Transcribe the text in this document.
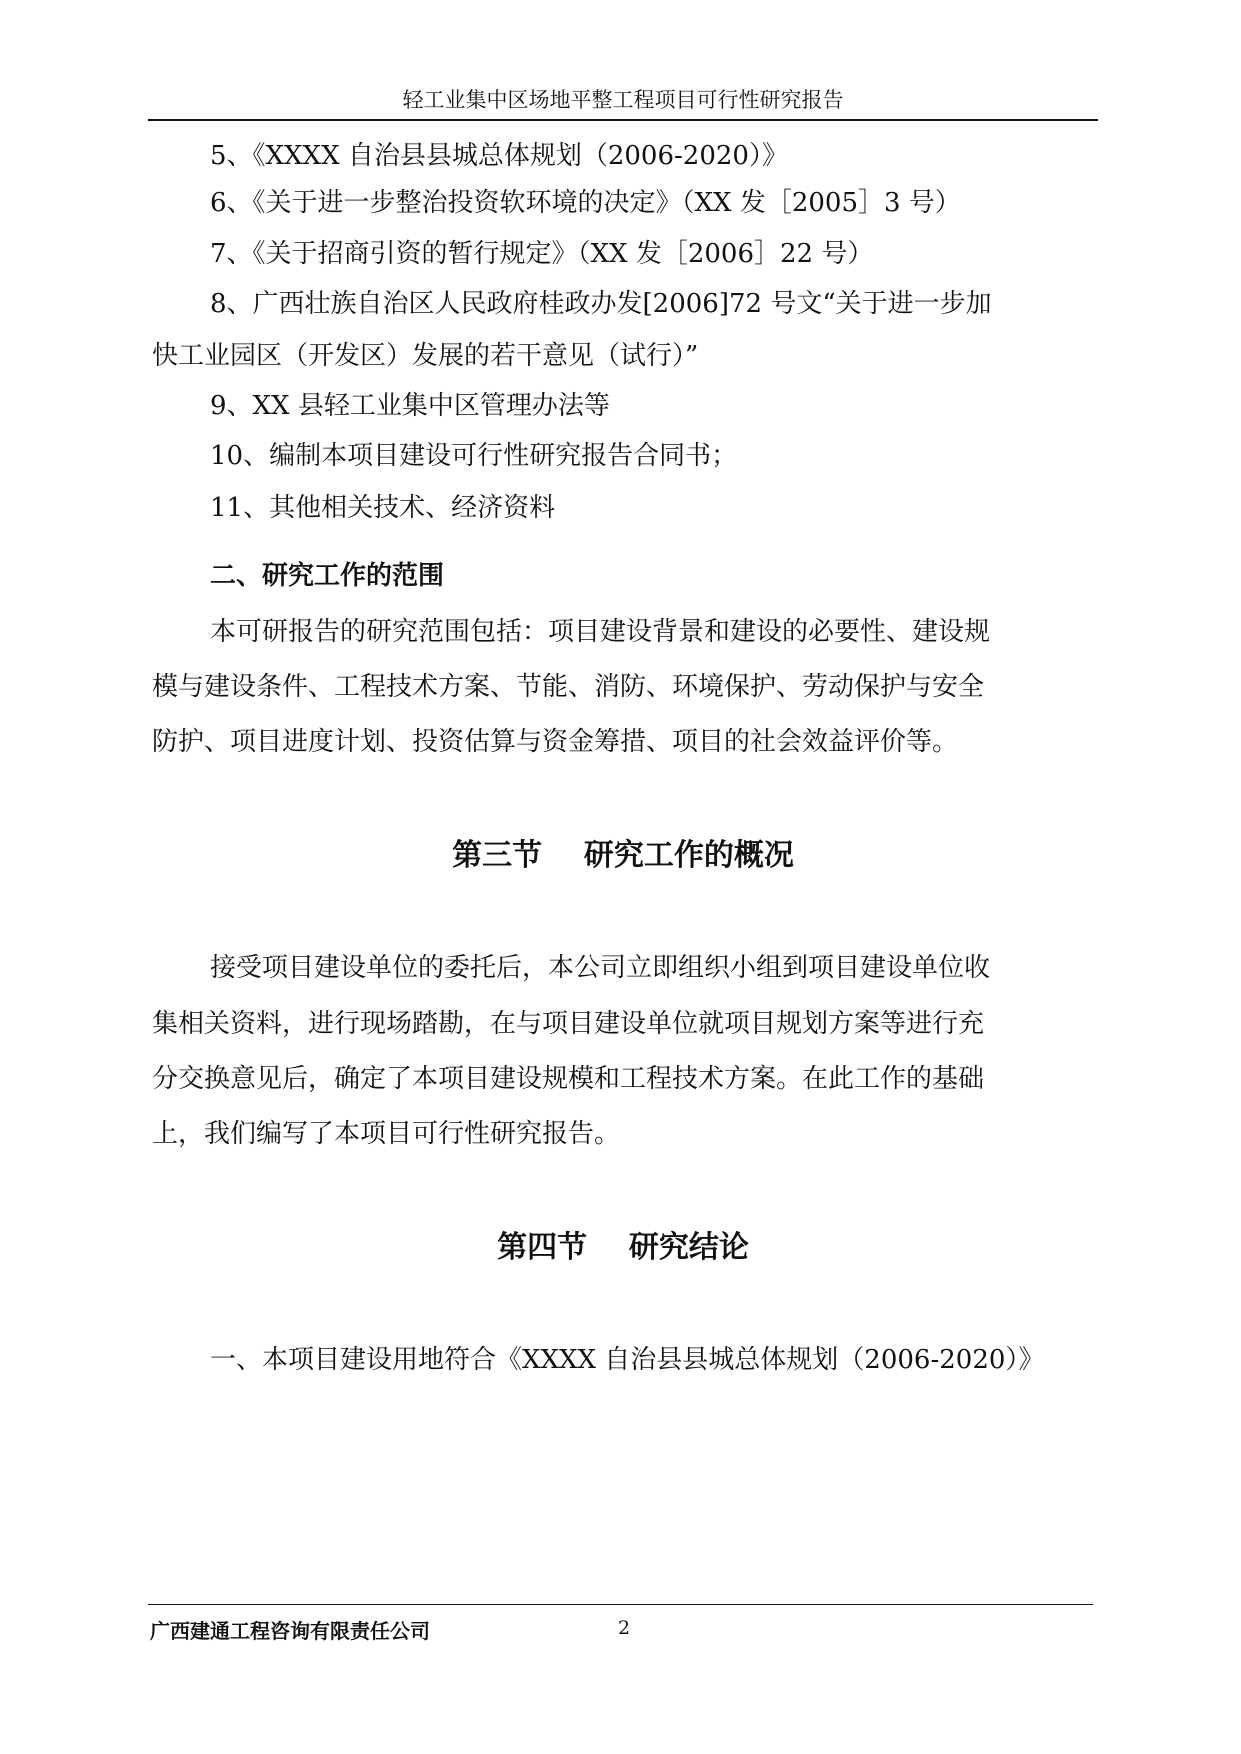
轻工业集中区场地平整工程项目可行性研究报告
5、《XXXX 自治县县城总体规划（2006-2020）》
6、《关于进一步整治投资软环境的决定》（XX 发［2005］3 号）
7、《关于招商引资的暂行规定》（XX 发［2006］22 号）
8、广西壮族自治区人民政府桂政办发[2006]72 号文“关于进一步加
快工业园区（开发区）发展的若干意见（试行）”
9、XX 县轻工业集中区管理办法等
10、编制本项目建设可行性研究报告合同书；
11、其他相关技术、经济资料
二、研究工作的范围
本可研报告的研究范围包括：项目建设背景和建设的必要性、建设规
模与建设条件、工程技术方案、节能、消防、环境保护、劳动保护与安全
防护、项目进度计划、投资估算与资金筹措、项目的社会效益评价等。
第三节    研究工作的概况
接受项目建设单位的委托后，本公司立即组织小组到项目建设单位收
集相关资料，进行现场踏勘，在与项目建设单位就项目规划方案等进行充
分交换意见后，确定了本项目建设规模和工程技术方案。在此工作的基础
上，我们编写了本项目可行性研究报告。
第四节    研究结论
一、本项目建设用地符合《XXXX 自治县县城总体规划（2006-2020）》
广西建通工程咨询有限责任公司	2
